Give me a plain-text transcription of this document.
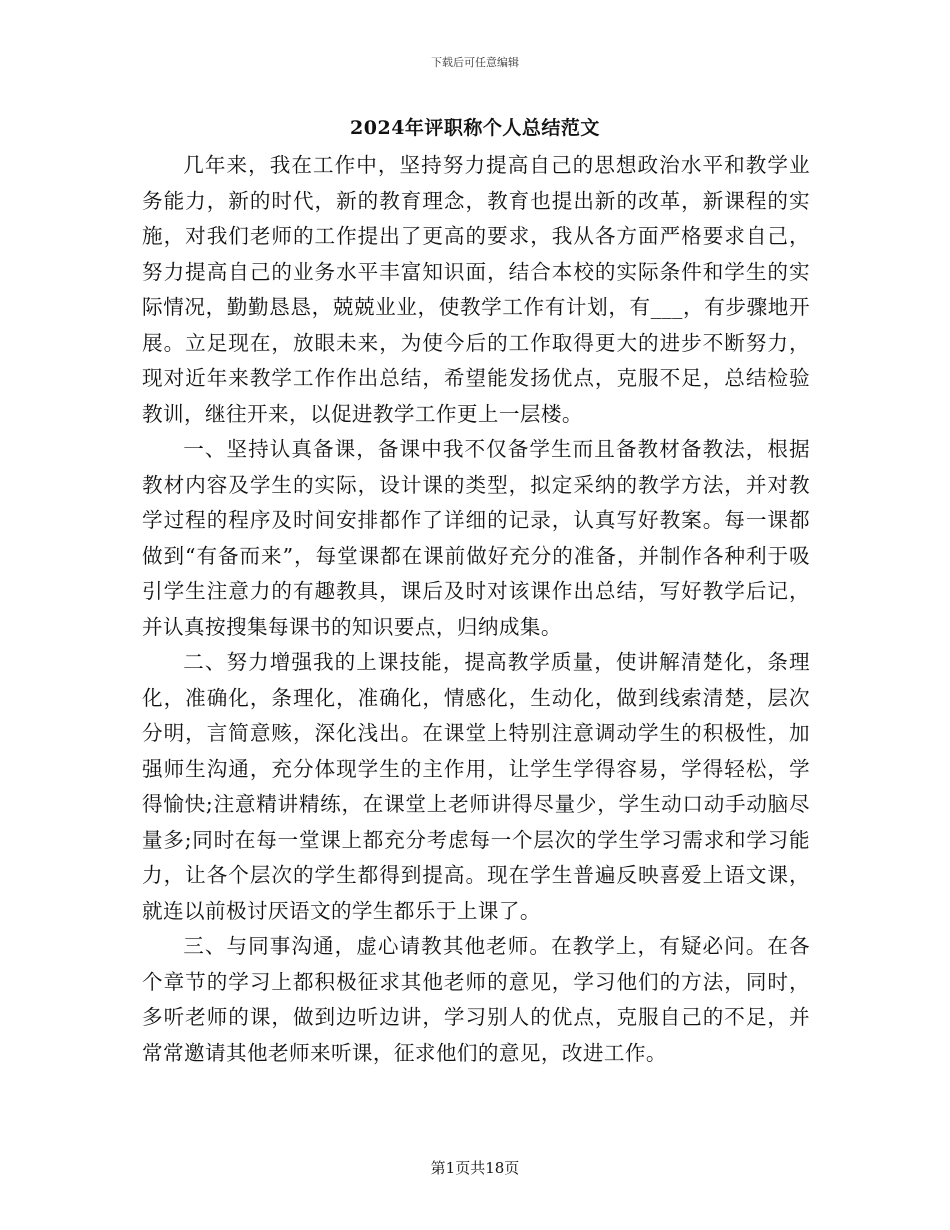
下载后可任意编辑
2024年评职称个人总结范文

几年来，我在工作中，坚持努力提高自己的思想政治水平和教学业务能力，新的时代，新的教育理念，教育也提出新的改革，新课程的实施，对我们老师的工作提出了更高的要求，我从各方面严格要求自己，努力提高自己的业务水平丰富知识面，结合本校的实际条件和学生的实际情况，勤勤恳恳，兢兢业业，使教学工作有计划，有___，有步骤地开展。立足现在，放眼未来，为使今后的工作取得更大的进步不断努力，现对近年来教学工作作出总结，希望能发扬优点，克服不足，总结检验教训，继往开来，以促进教学工作更上一层楼。

一、坚持认真备课，备课中我不仅备学生而且备教材备教法，根据教材内容及学生的实际，设计课的类型，拟定采纳的教学方法，并对教学过程的程序及时间安排都作了详细的记录，认真写好教案。每一课都做到“有备而来”，每堂课都在课前做好充分的准备，并制作各种利于吸引学生注意力的有趣教具，课后及时对该课作出总结，写好教学后记，并认真按搜集每课书的知识要点，归纳成集。

二、努力增强我的上课技能，提高教学质量，使讲解清楚化，条理化，准确化，条理化，准确化，情感化，生动化，做到线索清楚，层次分明，言简意赅，深化浅出。在课堂上特别注意调动学生的积极性，加强师生沟通，充分体现学生的主作用，让学生学得容易，学得轻松，学得愉快;注意精讲精练，在课堂上老师讲得尽量少，学生动口动手动脑尽量多;同时在每一堂课上都充分考虑每一个层次的学生学习需求和学习能力，让各个层次的学生都得到提高。现在学生普遍反映喜爱上语文课，就连以前极讨厌语文的学生都乐于上课了。

三、与同事沟通，虚心请教其他老师。在教学上，有疑必问。在各个章节的学习上都积极征求其他老师的意见，学习他们的方法，同时，多听老师的课，做到边听边讲，学习别人的优点，克服自己的不足，并常常邀请其他老师来听课，征求他们的意见，改进工作。

第1页共18页
